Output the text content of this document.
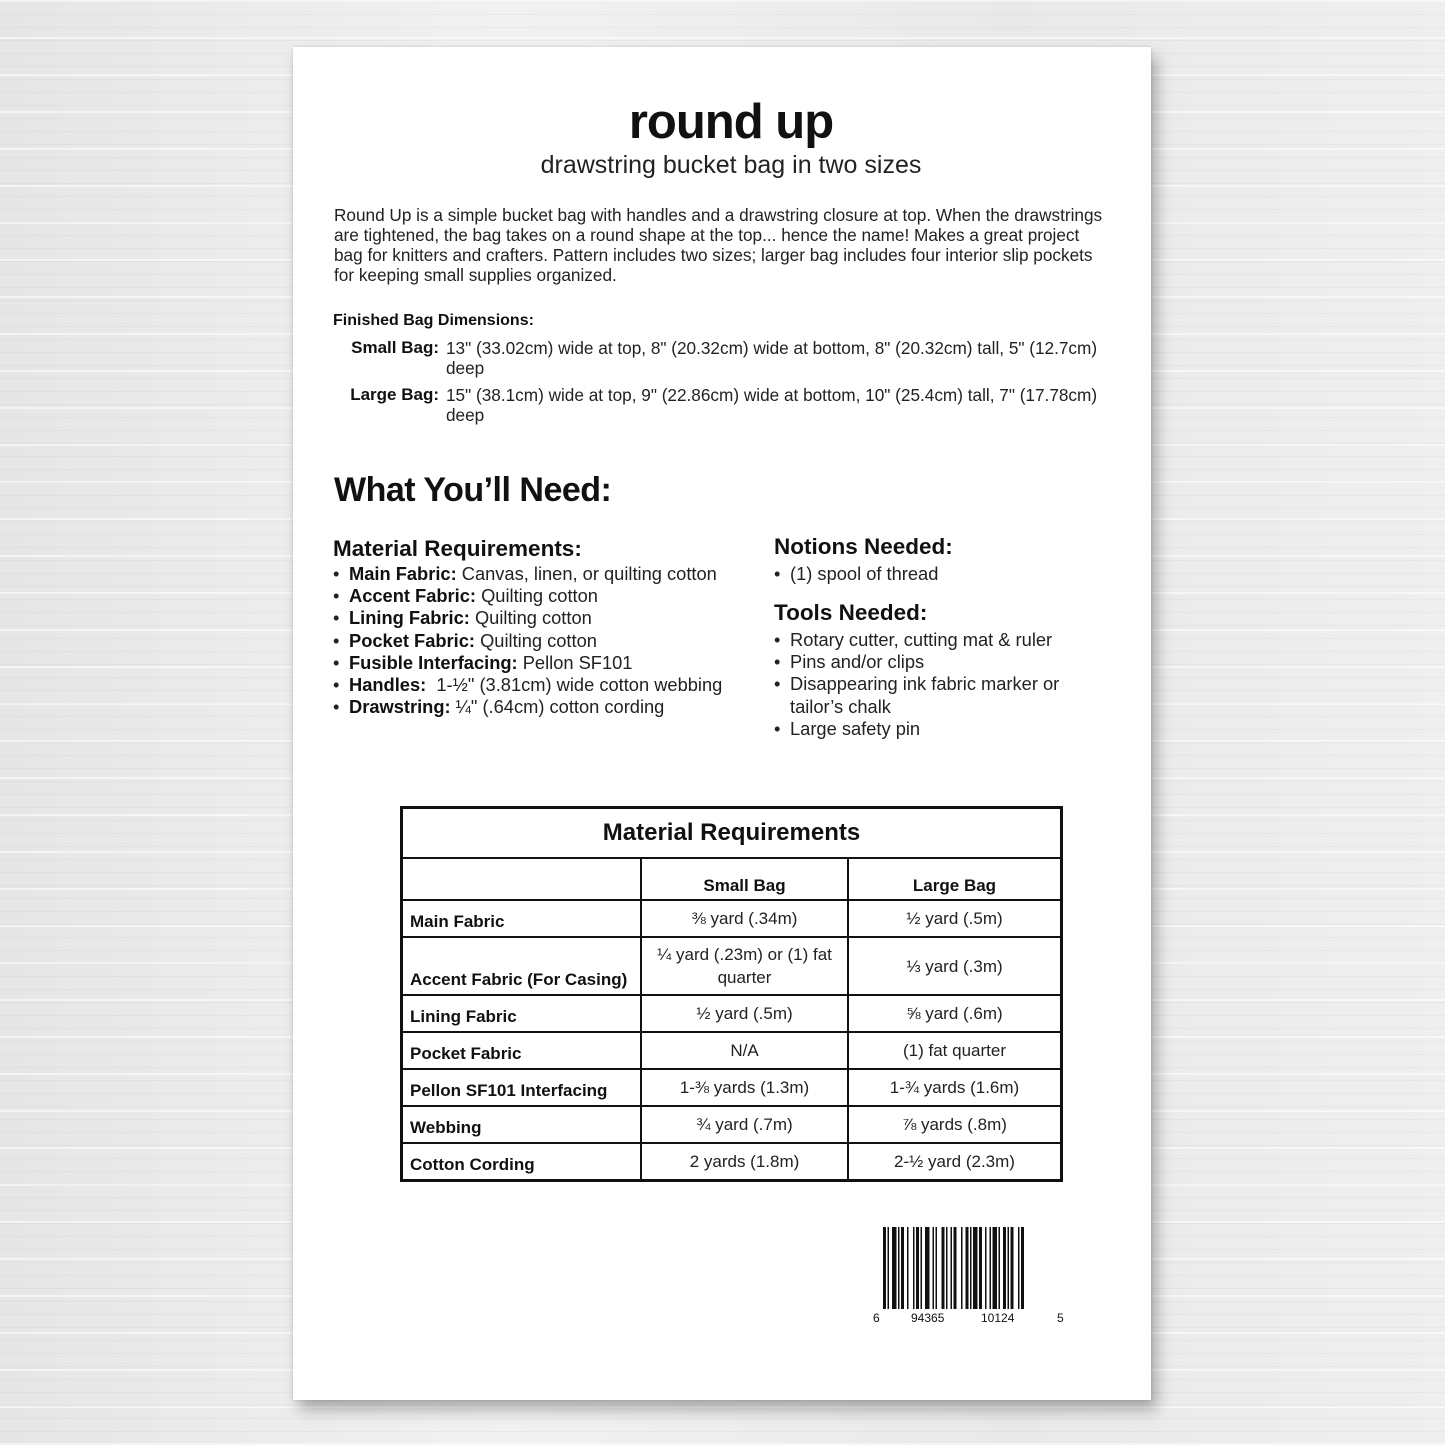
round up
drawstring bucket bag in two sizes
Round Up is a simple bucket bag with handles and a drawstring closure at top. When the drawstrings are tightened, the bag takes on a round shape at the top... hence the name! Makes a great project bag for knitters and crafters. Pattern includes two sizes; larger bag includes four interior slip pockets for keeping small supplies organized.
Finished Bag Dimensions:
Small Bag: 13" (33.02cm) wide at top, 8" (20.32cm) wide at bottom, 8" (20.32cm) tall, 5" (12.7cm) deep
Large Bag: 15" (38.1cm) wide at top, 9" (22.86cm) wide at bottom, 10" (25.4cm) tall, 7" (17.78cm) deep
What You’ll Need:
Material Requirements:
• Main Fabric: Canvas, linen, or quilting cotton
• Accent Fabric: Quilting cotton
• Lining Fabric: Quilting cotton
• Pocket Fabric: Quilting cotton
• Fusible Interfacing: Pellon SF101
• Handles:  1-½" (3.81cm) wide cotton webbing
• Drawstring: ¼" (.64cm) cotton cording
Notions Needed:
• (1) spool of thread
Tools Needed:
• Rotary cutter, cutting mat & ruler
• Pins and/or clips
• Disappearing ink fabric marker or tailor’s chalk
• Large safety pin
Material Requirements		
	Small Bag	Large Bag
Main Fabric	⅜ yard (.34m)	½ yard (.5m)
Accent Fabric (For Casing)	¼ yard (.23m) or (1) fat quarter	⅓ yard (.3m)
Lining Fabric	½ yard (.5m)	⅝ yard (.6m)
Pocket Fabric	N/A	(1) fat quarter
Pellon SF101 Interfacing	1-⅜ yards (1.3m)	1-¾ yards (1.6m)
Webbing	¾ yard (.7m)	⅞ yards (.8m)
Cotton Cording	2 yards (1.8m)	2-½ yard (2.3m)
6	94365	10124	5
